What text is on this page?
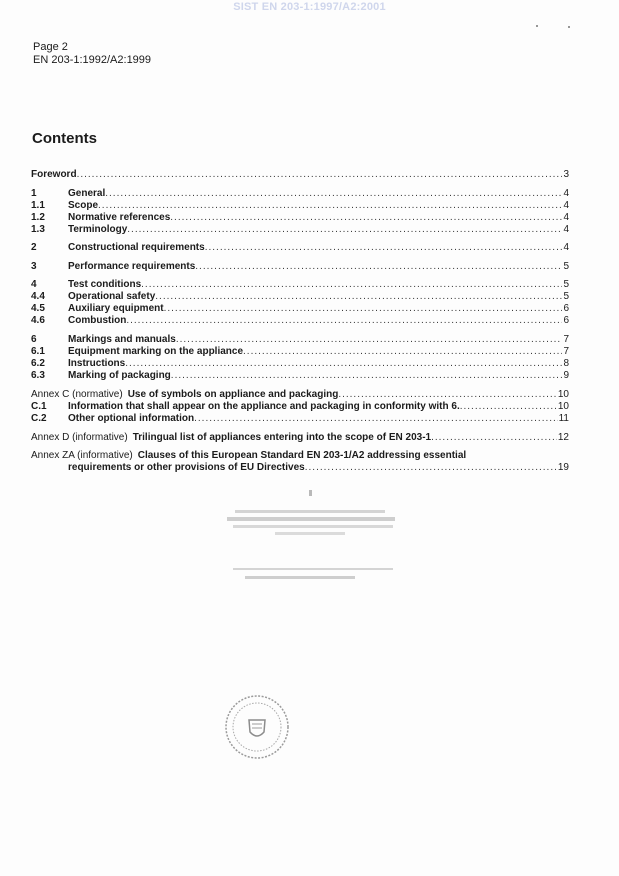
SIST EN 203-1:1997/A2:2001
Page 2
EN 203-1:1992/A2:1999
Contents
Foreword .....	3
1	General .....	4
1.1	Scope .....	4
1.2	Normative references .....	4
1.3	Terminology .....	4
2	Constructional requirements .....	4
3	Performance requirements .....	5
4	Test conditions .....	5
4.4	Operational safety .....	5
4.5	Auxiliary equipment .....	6
4.6	Combustion .....	6
6	Markings and manuals .....	7
6.1	Equipment marking on the appliance .....	7
6.2	Instructions .....	8
6.3	Marking of packaging .....	9
Annex C (normative) Use of symbols on appliance and packaging .....	10
C.1	Information that shall appear on the appliance and packaging in conformity with 6. .....	10
C.2	Other optional information .....	11
Annex D (informative) Trilingual list of appliances entering into the scope of EN 203-1 .....	12
Annex ZA (informative) Clauses of this European Standard EN 203-1/A2 addressing essential
requirements or other provisions of EU Directives .....	19
